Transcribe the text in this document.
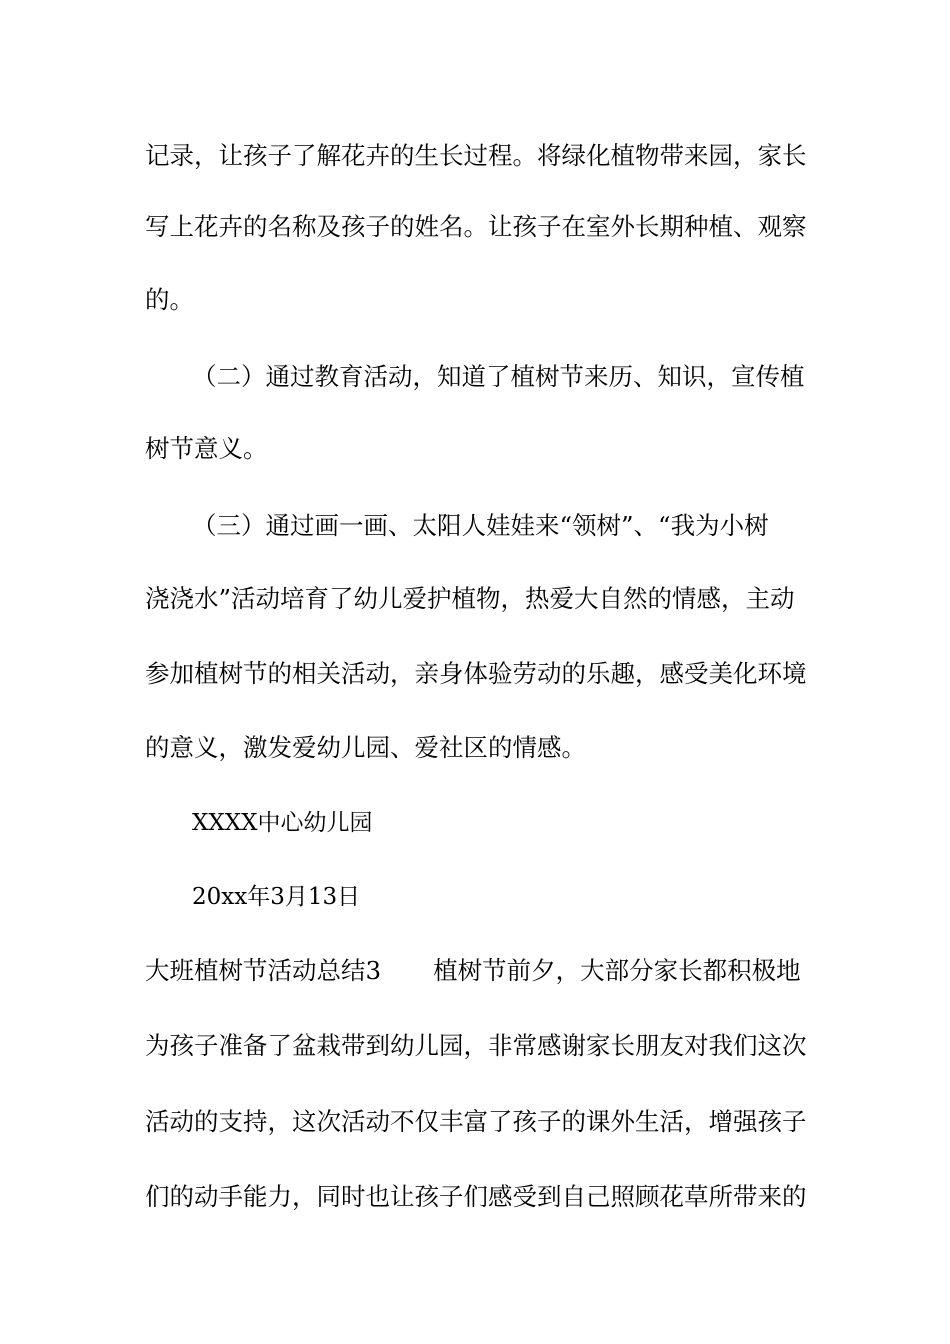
记录，让孩子了解花卉的生长过程。将绿化植物带来园，家长
写上花卉的名称及孩子的姓名。让孩子在室外长期种植、观察
的。
（二）通过教育活动，知道了植树节来历、知识，宣传植
树节意义。
（三）通过画一画、太阳人娃娃来“领树”、“我为小树
浇浇水”活动培育了幼儿爱护植物，热爱大自然的情感，主动
参加植树节的相关活动，亲身体验劳动的乐趣，感受美化环境
的意义，激发爱幼儿园、爱社区的情感。
XXXX中心幼儿园
20xx年3月13日
大班植树节活动总结3 植树节前夕，大部分家长都积极地
为孩子准备了盆栽带到幼儿园，非常感谢家长朋友对我们这次
活动的支持，这次活动不仅丰富了孩子的课外生活，增强孩子
们的动手能力，同时也让孩子们感受到自己照顾花草所带来的
